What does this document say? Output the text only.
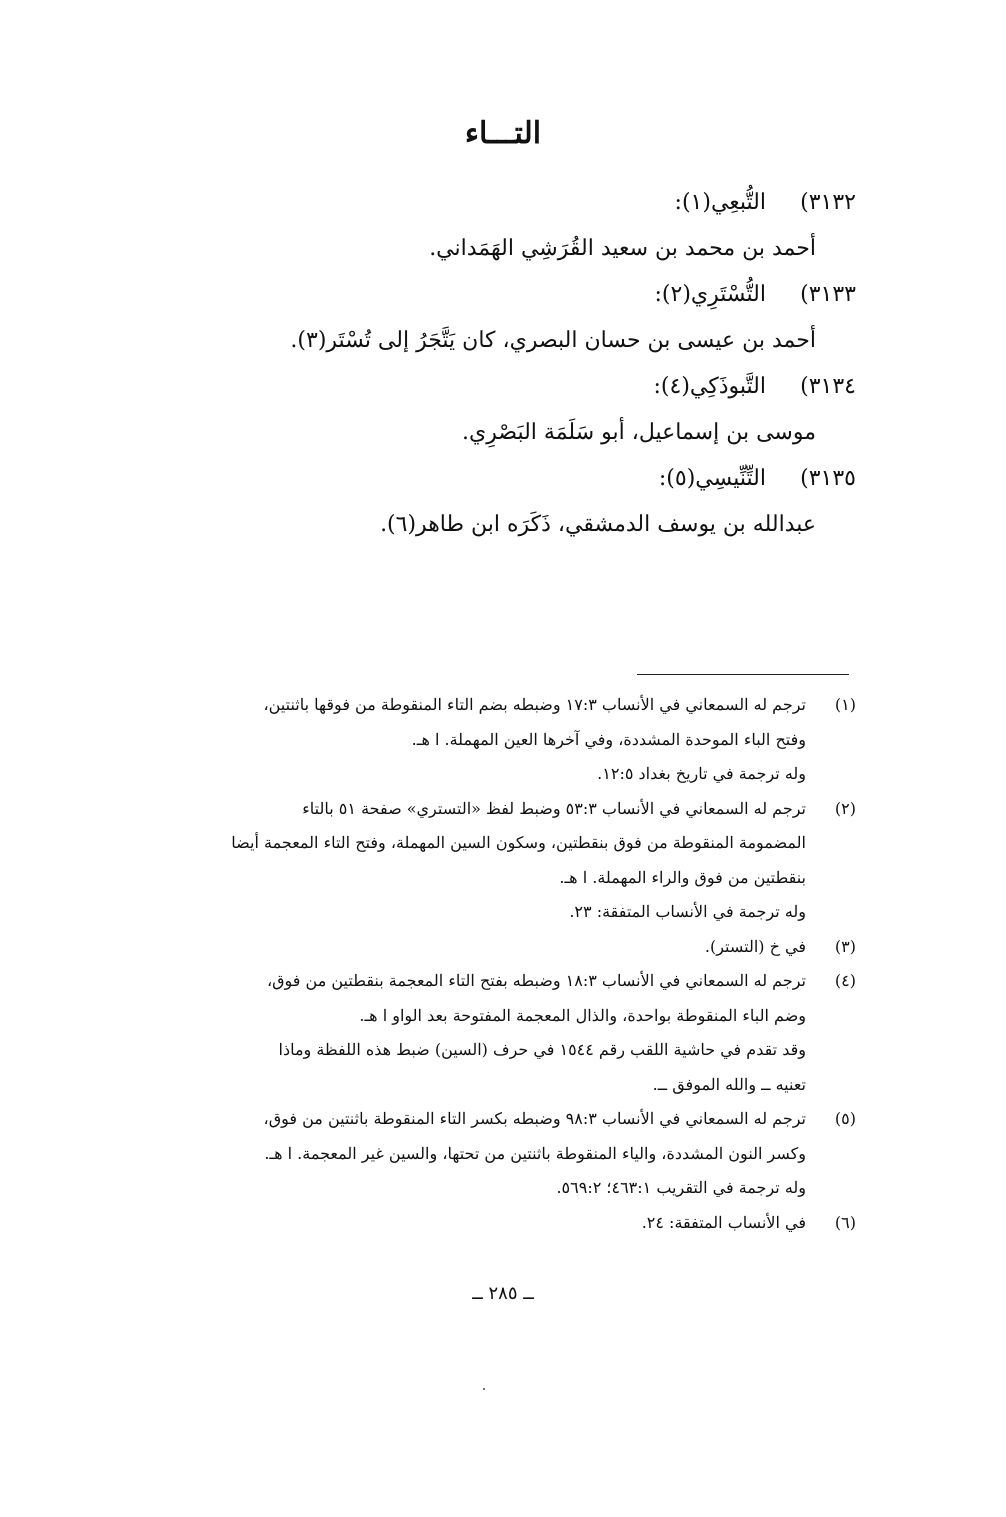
التـــاء
٣١٣٢)التُّبعِي(١):
أحمد بن محمد بن سعيد القُرَشِي الهَمَداني.
٣١٣٣)التُّسْتَرِي(٢):
أحمد بن عيسى بن حسان البصري، كان يَتَّجَرُ إلى تُسْتَر(٣).
٣١٣٤)التَّبوذَكِي(٤):
موسى بن إسماعيل، أبو سَلَمَة البَصْرِي.
٣١٣٥)التِّنِّيسِي(٥):
عبدالله بن يوسف الدمشقي، ذَكَرَه ابن طاهر(٦).
(١)
ترجم له السمعاني في الأنساب ١٧:٣ وضبطه بضم التاء المنقوطة من فوقها باثنتين،
وفتح الباء الموحدة المشددة، وفي آخرها العين المهملة. ا هـ.
وله ترجمة في تاريخ بغداد ١٢:٥.
(٢)
ترجم له السمعاني في الأنساب ٥٣:٣ وضبط لفظ «التستري» صفحة ٥١ بالتاء
المضمومة المنقوطة من فوق بنقطتين، وسكون السين المهملة، وفتح التاء المعجمة أيضا
بنقطتين من فوق والراء المهملة. ا هـ.
وله ترجمة في الأنساب المتفقة: ٢٣.
(٣)
في خ (التستر).
(٤)
ترجم له السمعاني في الأنساب ١٨:٣ وضبطه بفتح التاء المعجمة بنقطتين من فوق،
وضم الباء المنقوطة بواحدة، والذال المعجمة المفتوحة بعد الواو ا هـ.
وقد تقدم في حاشية اللقب رقم ١٥٤٤ في حرف (السين) ضبط هذه اللفظة وماذا
تعنيه ــ والله الموفق ــ.
(٥)
ترجم له السمعاني في الأنساب ٩٨:٣ وضبطه بكسر التاء المنقوطة باثنتين من فوق،
وكسر النون المشددة، والياء المنقوطة باثنتين من تحتها، والسين غير المعجمة. ا هـ.
وله ترجمة في التقريب ٤٦٣:١؛ ٥٦٩:٢.
(٦)
في الأنساب المتفقة: ٢٤.
ــ ٢٨٥ ــ
